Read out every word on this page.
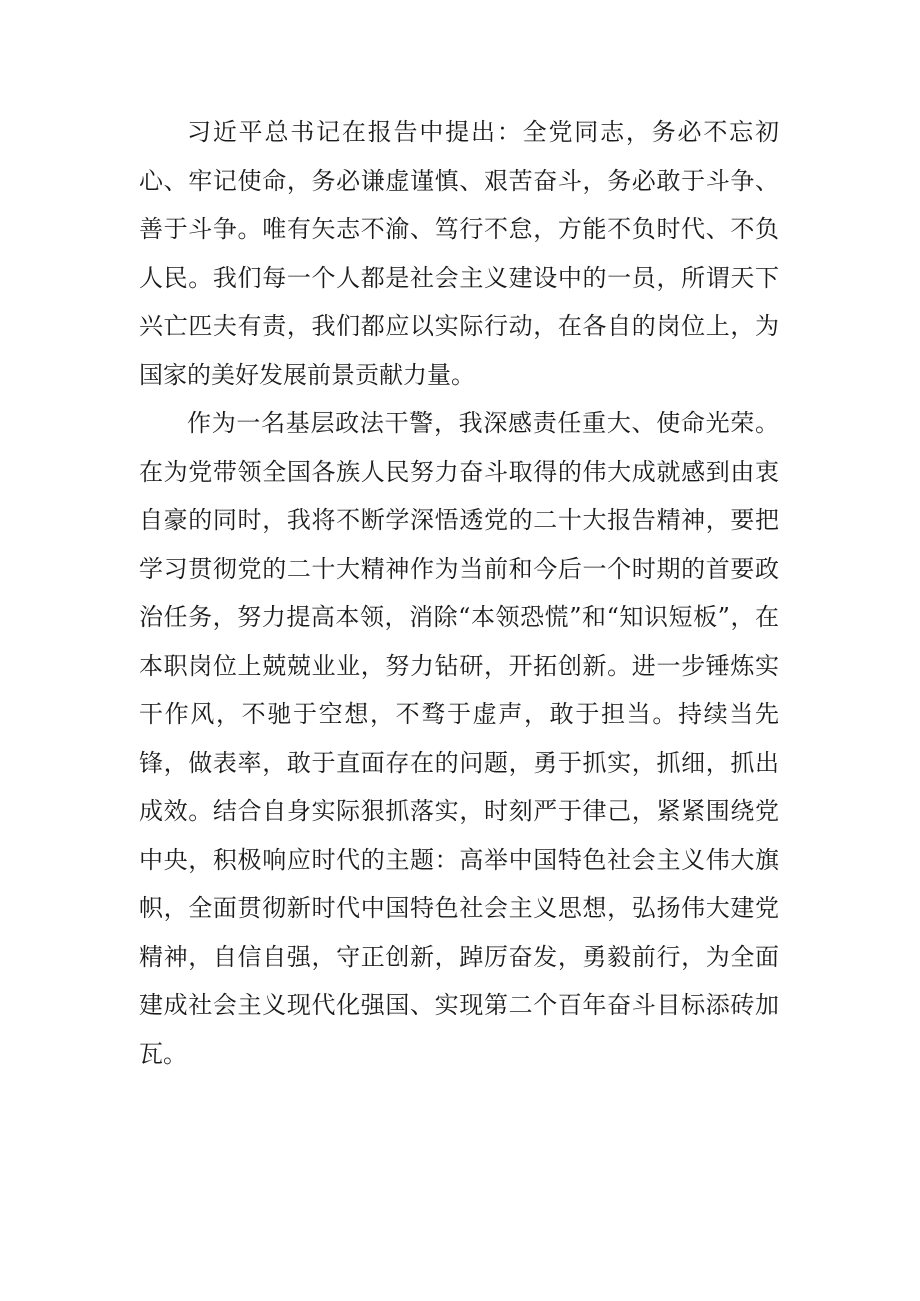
习近平总书记在报告中提出：全党同志，务必不忘初心、牢记使命，务必谦虚谨慎、艰苦奋斗，务必敢于斗争、善于斗争。唯有矢志不渝、笃行不怠，方能不负时代、不负人民。我们每一个人都是社会主义建设中的一员，所谓天下兴亡匹夫有责，我们都应以实际行动，在各自的岗位上，为国家的美好发展前景贡献力量。

作为一名基层政法干警，我深感责任重大、使命光荣。在为党带领全国各族人民努力奋斗取得的伟大成就感到由衷自豪的同时，我将不断学深悟透党的二十大报告精神，要把学习贯彻党的二十大精神作为当前和今后一个时期的首要政治任务，努力提高本领，消除“本领恐慌”和“知识短板”，在本职岗位上兢兢业业，努力钻研，开拓创新。进一步锤炼实干作风，不驰于空想，不骛于虚声，敢于担当。持续当先锋，做表率，敢于直面存在的问题，勇于抓实，抓细，抓出成效。结合自身实际狠抓落实，时刻严于律己，紧紧围绕党中央，积极响应时代的主题：高举中国特色社会主义伟大旗帜，全面贯彻新时代中国特色社会主义思想，弘扬伟大建党精神，自信自强，守正创新，踔厉奋发，勇毅前行，为全面建成社会主义现代化强国、实现第二个百年奋斗目标添砖加瓦。
